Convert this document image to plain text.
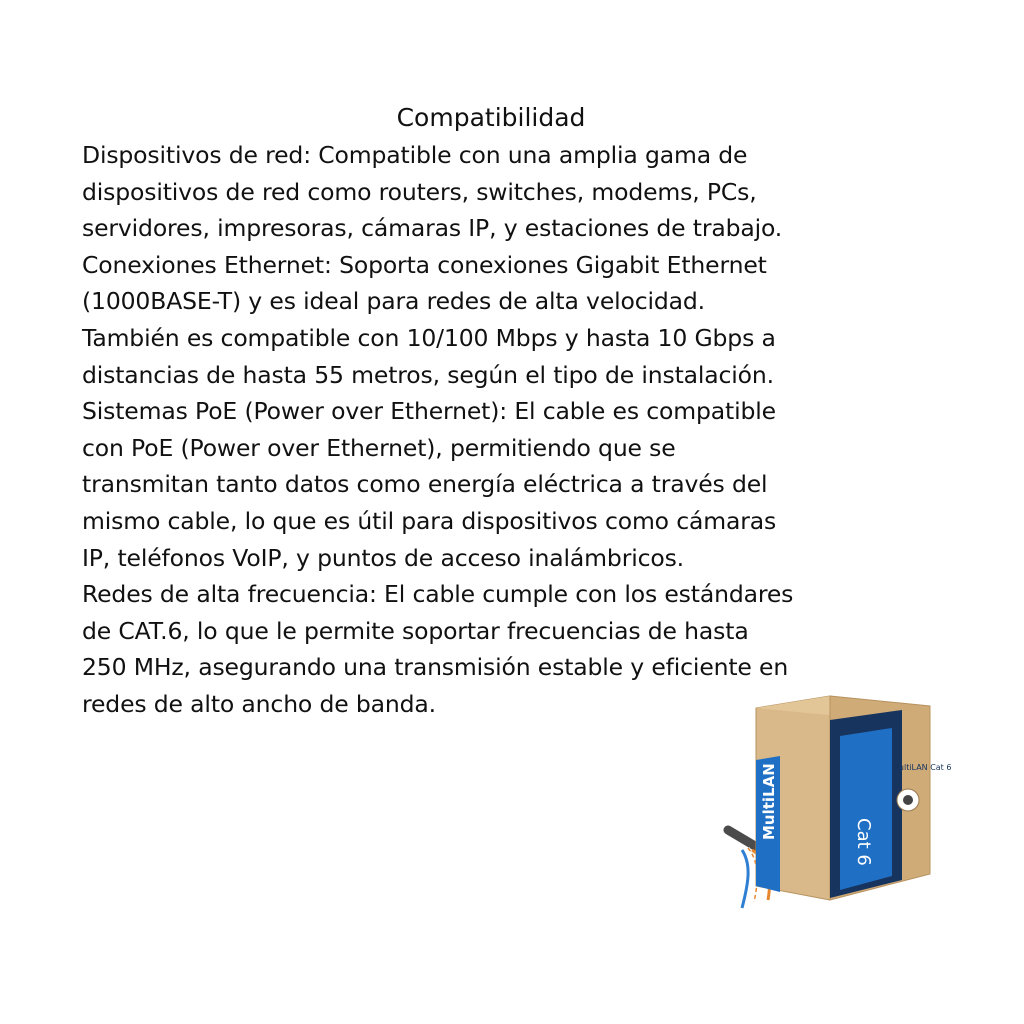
Compatibilidad
Dispositivos de red: Compatible con una amplia gama de
dispositivos de red como routers, switches, modems, PCs,
servidores, impresoras, cámaras IP, y estaciones de trabajo.
Conexiones Ethernet: Soporta conexiones Gigabit Ethernet
(1000BASE-T) y es ideal para redes de alta velocidad.
También es compatible con 10/100 Mbps y hasta 10 Gbps a
distancias de hasta 55 metros, según el tipo de instalación.
Sistemas PoE (Power over Ethernet): El cable es compatible
con PoE (Power over Ethernet), permitiendo que se
transmitan tanto datos como energía eléctrica a través del
mismo cable, lo que es útil para dispositivos como cámaras
IP, teléfonos VoIP, y puntos de acceso inalámbricos.
Redes de alta frecuencia: El cable cumple con los estándares
de CAT.6, lo que le permite soportar frecuencias de hasta
250 MHz, asegurando una transmisión estable y eficiente en
redes de alto ancho de banda.
MultiLAN
Cat 6
MultiLAN Cat 6
